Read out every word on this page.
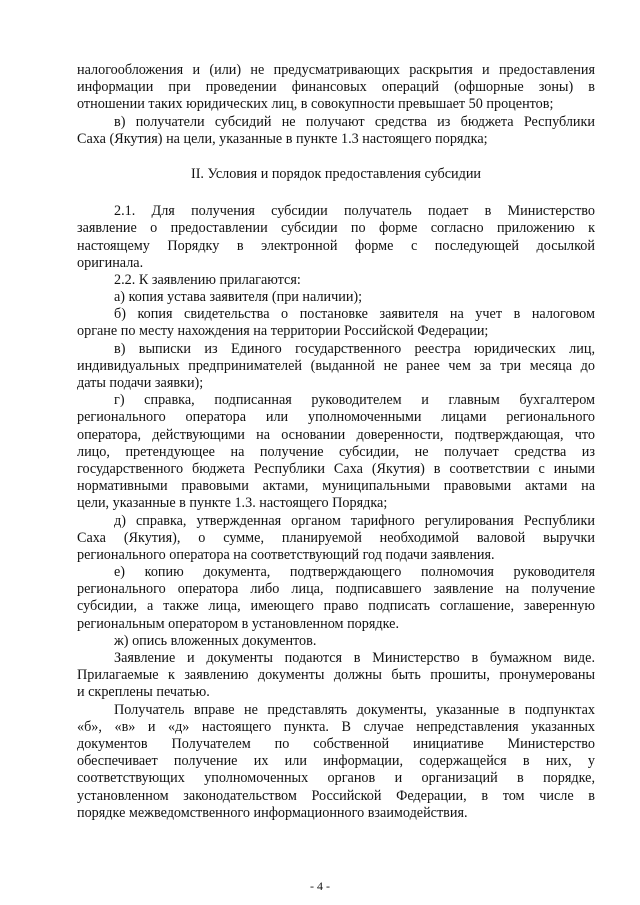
налогообложения и (или) не предусматривающих раскрытия и предоставления
информации при проведении финансовых операций (офшорные зоны) в
отношении таких юридических лиц, в совокупности превышает 50 процентов;
в) получатели субсидий не получают средства из бюджета Республики
Саха (Якутия) на цели, указанные в пункте 1.3 настоящего порядка;
II. Условия и порядок предоставления субсидии
2.1. Для получения субсидии получатель подает в Министерство
заявление о предоставлении субсидии по форме согласно приложению к
настоящему Порядку в электронной форме с последующей досылкой
оригинала.
2.2. К заявлению прилагаются:
а) копия устава заявителя (при наличии);
б) копия свидетельства о постановке заявителя на учет в налоговом
органе по месту нахождения на территории Российской Федерации;
в) выписки из Единого государственного реестра юридических лиц,
индивидуальных предпринимателей (выданной не ранее чем за три месяца до
даты подачи заявки);
г) справка, подписанная руководителем и главным бухгалтером
регионального оператора или уполномоченными лицами регионального
оператора, действующими на основании доверенности, подтверждающая, что
лицо, претендующее на получение субсидии, не получает средства из
государственного бюджета Республики Саха (Якутия) в соответствии с иными
нормативными правовыми актами, муниципальными правовыми актами на
цели, указанные в пункте 1.3. настоящего Порядка;
д) справка, утвержденная органом тарифного регулирования Республики
Саха (Якутия), о сумме, планируемой необходимой валовой выручки
регионального оператора на соответствующий год подачи заявления.
е) копию документа, подтверждающего полномочия руководителя
регионального оператора либо лица, подписавшего заявление на получение
субсидии, а также лица, имеющего право подписать соглашение, заверенную
региональным оператором в установленном порядке.
ж) опись вложенных документов.
Заявление и документы подаются в Министерство в бумажном виде.
Прилагаемые к заявлению документы должны быть прошиты, пронумерованы
и скреплены печатью.
Получатель вправе не представлять документы, указанные в подпунктах
«б», «в» и «д» настоящего пункта. В случае непредставления указанных
документов Получателем по собственной инициативе Министерство
обеспечивает получение их или информации, содержащейся в них, у
соответствующих уполномоченных органов и организаций в порядке,
установленном законодательством Российской Федерации, в том числе в
порядке межведомственного информационного взаимодействия.
- 4 -
